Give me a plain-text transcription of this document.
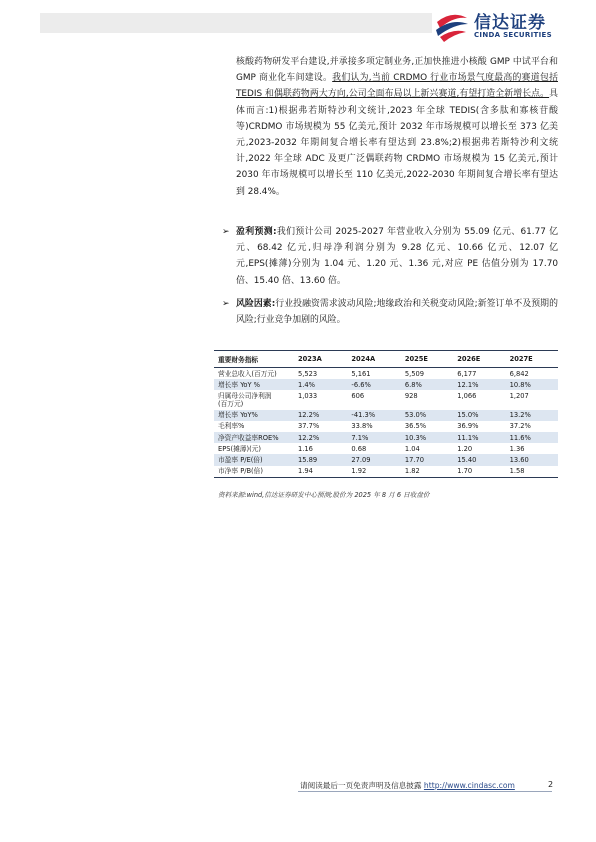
信达证券
CINDA SECURITIES
核酸药物研发平台建设,并承接多项定制业务,正加快推进小核酸 GMP 中试平台和 GMP 商业化车间建设。我们认为,当前 CRDMO 行业市场景气度最高的赛道包括 TEDIS 和偶联药物两大方向,公司全面布局以上新兴赛道,有望打造全新增长点。具体而言:1)根据弗若斯特沙利文统计,2023 年全球 TEDIS(含多肽和寡核苷酸等)CRDMO 市场规模为 55 亿美元,预计 2032 年市场规模可以增长至 373 亿美元,2023-2032 年期间复合增长率有望达到 23.8%;2)根据弗若斯特沙利文统计,2022 年全球 ADC 及更广泛偶联药物 CRDMO 市场规模为 15 亿美元,预计 2030 年市场规模可以增长至 110 亿美元,2022-2030 年期间复合增长率有望达到 28.4%。
➢ 盈利预测:我们预计公司 2025-2027 年营业收入分别为 55.09 亿元、61.77 亿元、68.42 亿元,归母净利润分别为 9.28 亿元、10.66 亿元、12.07 亿元,EPS(摊薄)分别为 1.04 元、1.20 元、1.36 元,对应 PE 估值分别为 17.70 倍、15.40 倍、13.60 倍。
➢ 风险因素:行业投融资需求波动风险;地缘政治和关税变动风险;新签订单不及预期的风险;行业竞争加剧的风险。
重要财务指标	2023A	2024A	2025E	2026E	2027E
营业总收入(百万元)	5,523	5,161	5,509	6,177	6,842
增长率 YoY %	1.4%	-6.6%	6.8%	12.1%	10.8%
归属母公司净利润
(百万元)	1,033	606	928	1,066	1,207
增长率 YoY%	12.2%	-41.3%	53.0%	15.0%	13.2%
毛利率%	37.7%	33.8%	36.5%	36.9%	37.2%
净资产收益率ROE%	12.2%	7.1%	10.3%	11.1%	11.6%
EPS(摊薄)(元)	1.16	0.68	1.04	1.20	1.36
市盈率 P/E(倍)	15.89	27.09	17.70	15.40	13.60
市净率 P/B(倍)	1.94	1.92	1.82	1.70	1.58
资料来源:wind,信达证券研发中心预测;股价为 2025 年 8 月 6 日收盘价
请阅读最后一页免责声明及信息披露 http://www.cindasc.com	2
